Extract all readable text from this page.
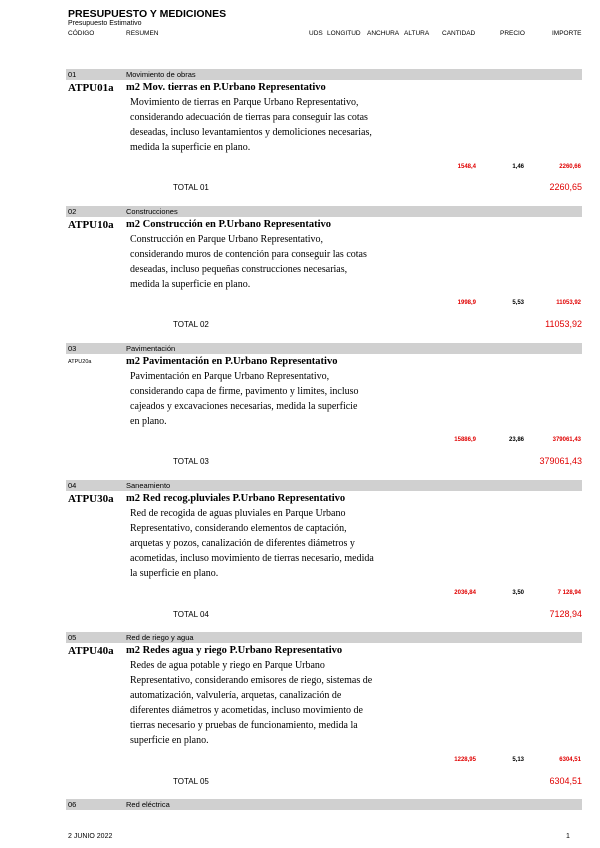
PRESUPUESTO Y MEDICIONES
Presupuesto Estimativo
CÓDIGO	RESUMEN	UDS LONGITUD ANCHURA ALTURA CANTIDAD	PRECIO	IMPORTE
01	Movimiento de obras
ATPU01a m2 Mov. tierras en P.Urbano Representativo
Movimiento de tierras en Parque Urbano Representativo,
considerando adecuación de tierras para conseguir las cotas
deseadas, incluso levantamientos y demoliciones necesarias,
medida la superficie en plano.
1548,4	1,46	2260,66
TOTAL 01	2260,65
02	Construcciones
ATPU10a m2 Construcción en P.Urbano Representativo
Construcción en Parque Urbano Representativo,
considerando muros de contención para conseguir las cotas
deseadas, incluso pequeñas construcciones necesarias,
medida la superficie en plano.
1998,9	5,53	11053,92
TOTAL 02	11053,92
03	Pavimentación
ATPU20a	m2 Pavimentación en P.Urbano Representativo
Pavimentación en Parque Urbano Representativo,
considerando capa de firme, pavimento y limites, incluso
cajeados y excavaciones necesarias, medida la superficie
en plano.
15886,9	23,86	379061,43
TOTAL 03	379061,43
04	Saneamiento
ATPU30a m2 Red recog.pluviales P.Urbano Representativo
Red de recogida de aguas pluviales en Parque Urbano
Representativo, considerando elementos de captación,
arquetas y pozos, canalización de diferentes diámetros y
acometidas, incluso movimiento de tierras necesario, medida
la superficie en plano.
2036,84	3,50	7 128,94
TOTAL 04	7128,94
05	Red de riego y agua
ATPU40a m2 Redes agua y riego P.Urbano Representativo
Redes de agua potable y riego en Parque Urbano
Representativo, considerando emisores de riego, sistemas de
automatización, valvulería, arquetas, canalización de
diferentes diámetros y acometidas, incluso movimiento de
tierras necesario y pruebas de funcionamiento, medida la
superficie en plano.
1228,95	5,13	6304,51
TOTAL 05	6304,51
06	Red eléctrica
2 JUNIO 2022	1
